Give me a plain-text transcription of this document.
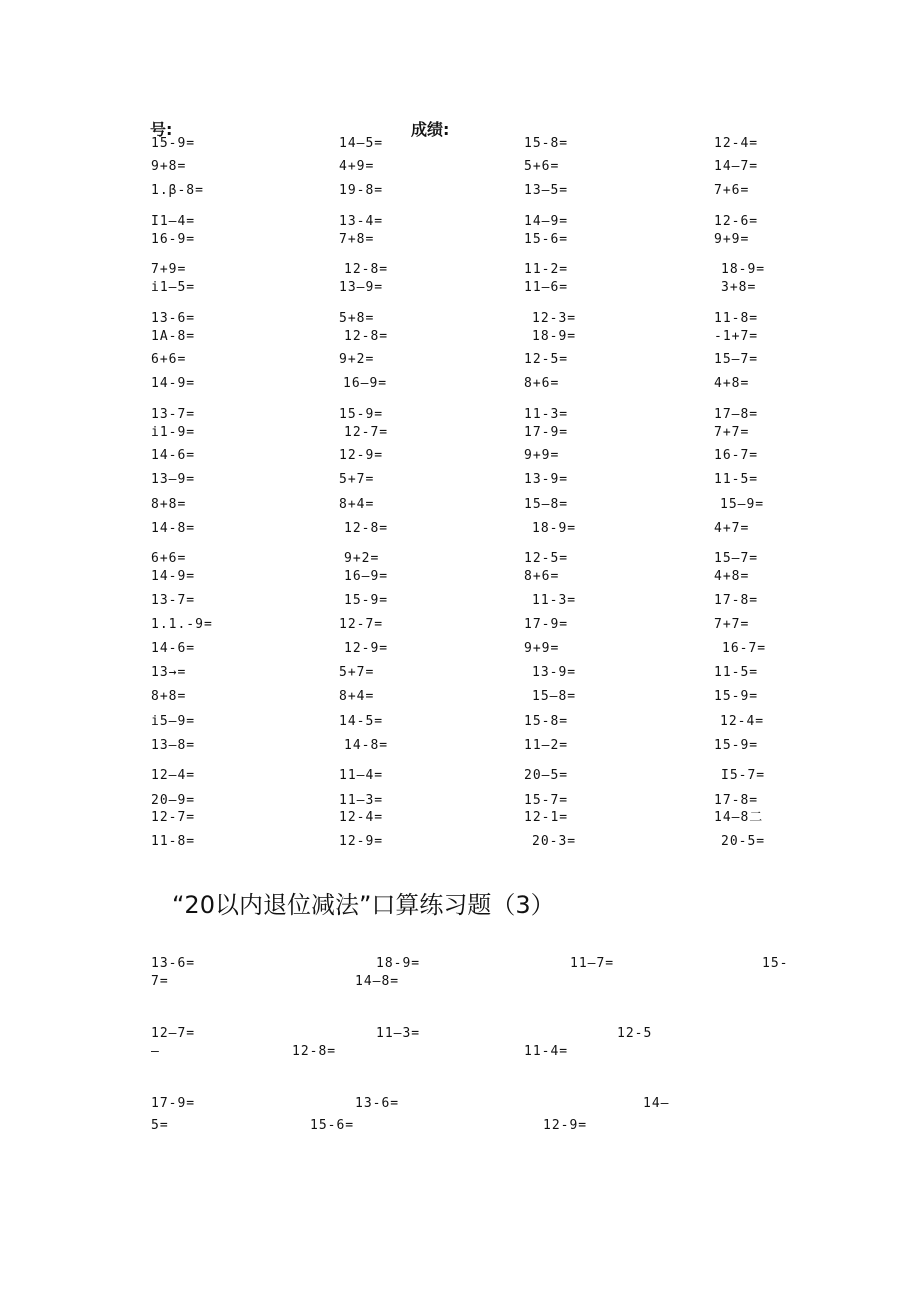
号:	成绩:
15-9=	14—5=	15-8=	12-4=
9+8=	4+9=	5+6=	14—7=
1.β-8=	19-8=	13—5=	7+6=
I1—4=	13-4=	14—9=	12-6=
16-9=	7+8=	15-6=	9+9=
7+9=	12-8=	11-2=	18-9=
i1—5=	13—9=	11—6=	3+8=
13-6=	5+8=	12-3=	11-8=
1A-8=	12-8=	18-9=	-1+7=
6+6=	9+2=	12-5=	15—7=
14-9=	16—9=	8+6=	4+8=
13-7=	15-9=	11-3=	17—8=
i1-9=	12-7=	17-9=	7+7=
14-6=	12-9=	9+9=	16-7=
13—9=	5+7=	13-9=	11-5=
8+8=	8+4=	15—8=	15—9=
14-8=	12-8=	18-9=	4+7=
6+6=	9+2=	12-5=	15—7=
14-9=	16—9=	8+6=	4+8=
13-7=	15-9=	11-3=	17-8=
1.1.-9=	12-7=	17-9=	7+7=
14-6=	12-9=	9+9=	16-7=
13→=	5+7=	13-9=	11-5=
8+8=	8+4=	15—8=	15-9=
i5—9=	14-5=	15-8=	12-4=
13—8=	14-8=	11—2=	15-9=
12—4=	11—4=	20—5=	I5-7=
20—9=	11—3=	15-7=	17-8=
12-7=	12-4=	12-1=	14—8二
11-8=	12-9=	20-3=	20-5=
“20以内退位减法”口算练习题（3）
13-6=	18-9=	11—7=	15-
7=	14—8=
12—7=	11—3=	12-5
—	12-8=	11-4=
17-9=	13-6=	14—
5=	15-6=	12-9=
